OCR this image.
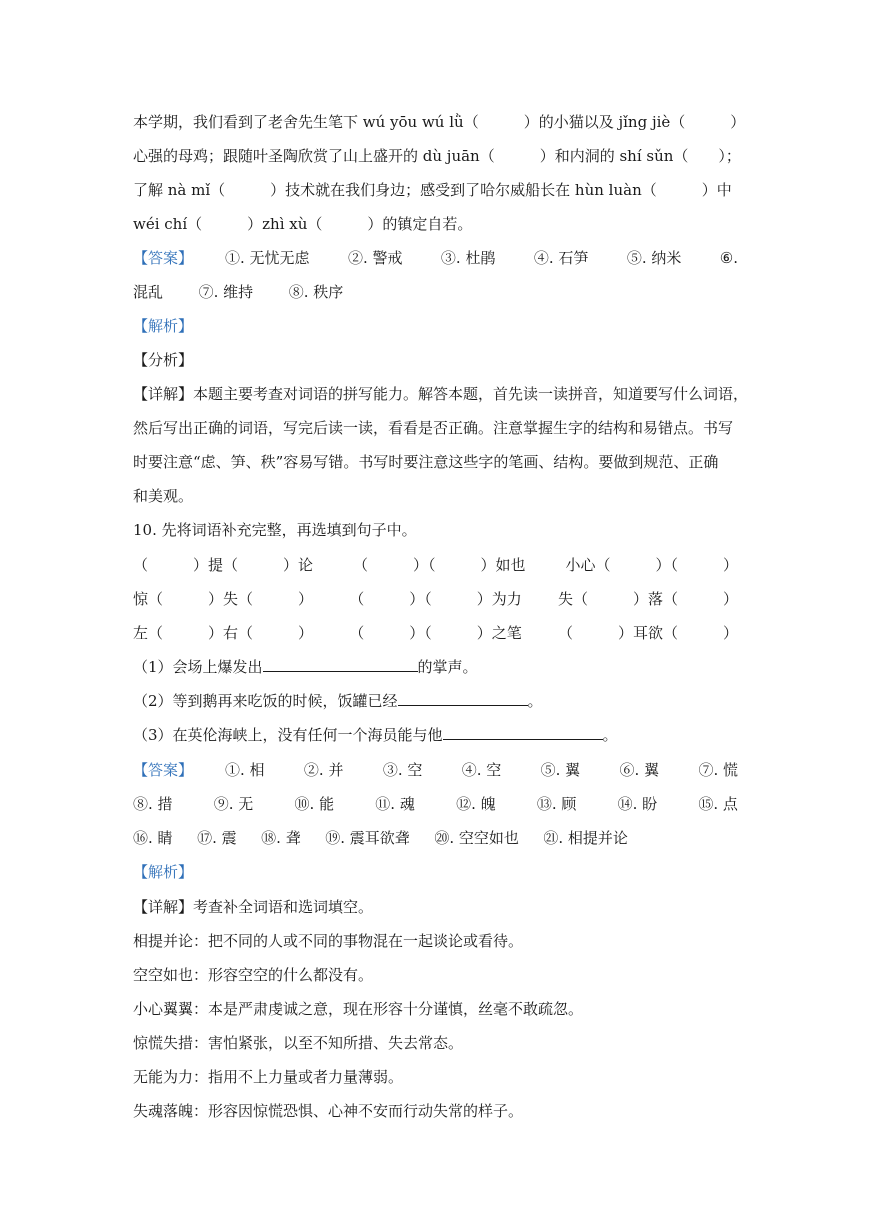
本学期，我们看到了老舍先生笔下 wú yōu wú lǜ（　　　）的小猫以及 jǐng jiè（　　　）
心强的母鸡；跟随叶圣陶欣赏了山上盛开的 dù juān（　　　）和内洞的 shí sǔn（　　）；
了解 nà mǐ（　　　）技术就在我们身边；感受到了哈尔威船长在 hùn luàn（　　　）中
wéi chí（　　　）zhì xù（　　　）的镇定自若。
【答案】 ①. 无忧无虑	②. 警戒	③. 杜鹃	④. 石笋	⑤. 纳米	⑥.
混乱 ⑦. 维持 ⑧. 秩序
【解析】
【分析】
【详解】本题主要考查对词语的拼写能力。解答本题，首先读一读拼音，知道要写什么词语，
然后写出正确的词语，写完后读一读，看看是否正确。注意掌握生字的结构和易错点。书写
时要注意“虑、笋、秩”容易写错。书写时要注意这些字的笔画、结构。要做到规范、正确
和美观。
10. 先将词语补充完整，再选填到句子中。
（　　　）提（　　　）论	（　　　）（　　　）如也	小心（　　　）（　　　）
惊（　　　）失（　　　） （　　　）（　　　）为力 失（　　　）落（　　　）
左（　　　）右（　　　） （　　　）（　　　）之笔 （　　　）耳欲（　　　）
（1）会场上爆发出	的掌声。
（2）等到鹅再来吃饭的时候，饭罐已经	。
（3）在英伦海峡上，没有任何一个海员能与他	。
【答案】 ①. 相	②. 并	③. 空	④. 空	⑤. 翼	⑥. 翼	⑦. 慌
⑧. 措	⑨. 无	⑩. 能	⑪. 魂	⑫. 魄	⑬. 顾	⑭. 盼	⑮. 点
⑯. 睛 ⑰. 震 ⑱. 聋 ⑲. 震耳欲聋 ⑳. 空空如也 ㉑. 相提并论
【解析】
【详解】考查补全词语和选词填空。
相提并论：把不同的人或不同的事物混在一起谈论或看待。
空空如也：形容空空的什么都没有。
小心翼翼：本是严肃虔诚之意，现在形容十分谨慎，丝毫不敢疏忽。
惊慌失措：害怕紧张，以至不知所措、失去常态。
无能为力：指用不上力量或者力量薄弱。
失魂落魄：形容因惊慌恐惧、心神不安而行动失常的样子。
